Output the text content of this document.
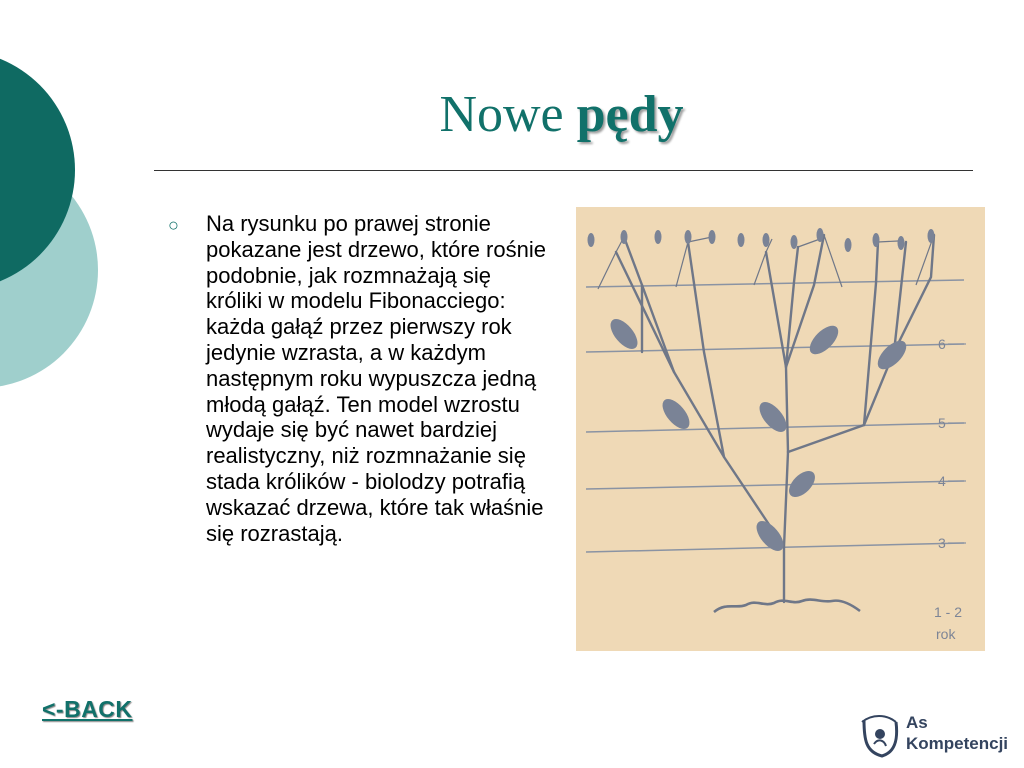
Nowe pędy
○ Na rysunku po prawej stronie pokazane jest drzewo, które rośnie podobnie, jak rozmnażają się króliki w modelu Fibonacciego: każda gałąź przez pierwszy rok jedynie wzrasta, a w każdym następnym roku wypuszcza jedną młodą gałąź. Ten model wzrostu wydaje się być nawet bardziej realistyczny, niż rozmnażanie się stada królików - biolodzy potrafią wskazać drzewa, które tak właśnie się rozrastają.

6
5
4
3
1 - 2
rok
<-BACK
As
Kompetencji
